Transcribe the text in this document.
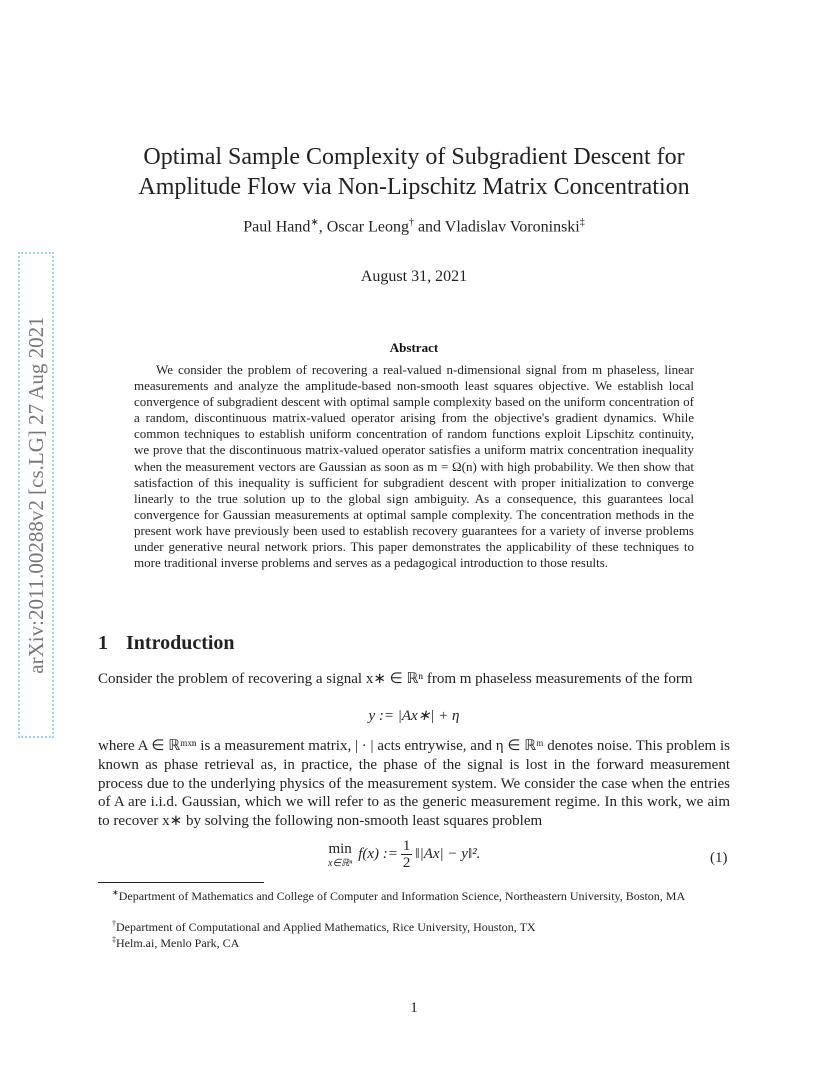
arXiv:2011.00288v2 [cs.LG] 27 Aug 2021
Optimal Sample Complexity of Subgradient Descent for
Amplitude Flow via Non-Lipschitz Matrix Concentration
Paul Hand∗, Oscar Leong† and Vladislav Voroninski‡
August 31, 2021
Abstract
We consider the problem of recovering a real-valued n-dimensional signal from m phaseless, linear measurements and analyze the amplitude-based non-smooth least squares objective. We establish local convergence of subgradient descent with optimal sample complexity based on the uniform concentration of a random, discontinuous matrix-valued operator arising from the objective's gradient dynamics. While common techniques to establish uniform concentration of random functions exploit Lipschitz continuity, we prove that the discontinuous matrix-valued operator satisfies a uniform matrix concentration inequality when the measurement vectors are Gaussian as soon as m = Ω(n) with high probability. We then show that satisfaction of this inequality is sufficient for subgradient descent with proper initialization to converge linearly to the true solution up to the global sign ambiguity. As a consequence, this guarantees local convergence for Gaussian measurements at optimal sample complexity. The concentration methods in the present work have previously been used to establish recovery guarantees for a variety of inverse problems under generative neural network priors. This paper demonstrates the applicability of these techniques to more traditional inverse problems and serves as a pedagogical introduction to those results.
1 Introduction
Consider the problem of recovering a signal x∗ ∈ ℝⁿ from m phaseless measurements of the form
y := |Ax∗| + η
where A ∈ ℝᵐˣⁿ is a measurement matrix, | · | acts entrywise, and η ∈ ℝᵐ denotes noise. This problem is known as phase retrieval as, in practice, the phase of the signal is lost in the forward measurement process due to the underlying physics of the measurement system. We consider the case when the entries of A are i.i.d. Gaussian, which we will refer to as the generic measurement regime. In this work, we aim to recover x∗ by solving the following non-smooth least squares problem
min
x∈ℝⁿ
f(x) := $\frac{1}{2}$ ‖|Ax| − y‖².	(1)
∗Department of Mathematics and College of Computer and Information Science, Northeastern University, Boston, MA
†Department of Computational and Applied Mathematics, Rice University, Houston, TX
‡Helm.ai, Menlo Park, CA
1
